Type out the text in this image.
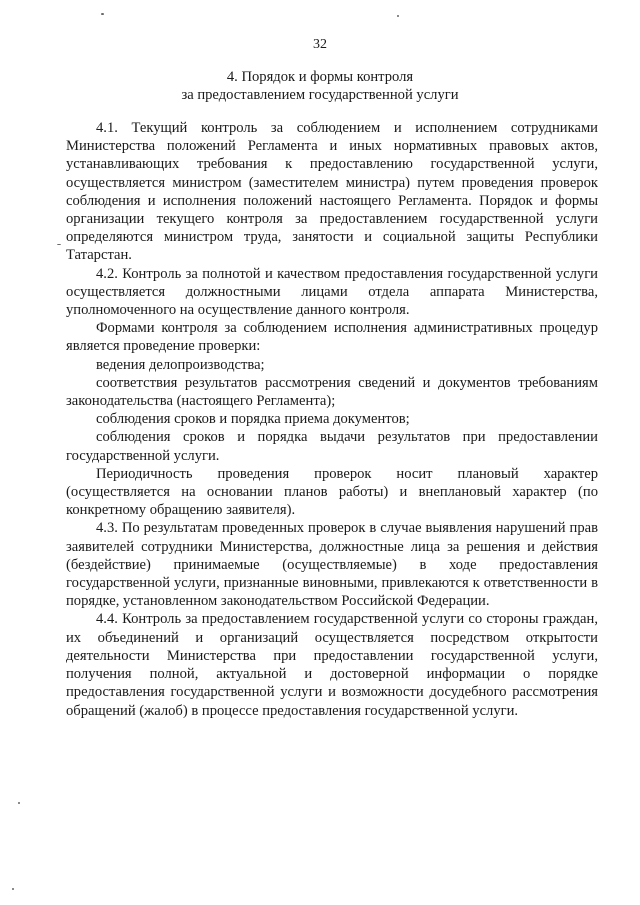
32
4. Порядок и формы контроля
за предоставлением государственной услуги

4.1. Текущий контроль за соблюдением и исполнением сотрудниками Министерства положений Регламента и иных нормативных правовых актов, устанавливающих требования к предоставлению государственной услуги, осуществляется министром (заместителем министра) путем проведения проверок соблюдения и исполнения положений настоящего Регламента. Порядок и формы организации текущего контроля за предоставлением государственной услуги определяются министром труда, занятости и социальной защиты Республики Татарстан.

4.2. Контроль за полнотой и качеством предоставления государственной услуги осуществляется должностными лицами отдела аппарата Министерства, уполномоченного на осуществление данного контроля.

Формами контроля за соблюдением исполнения административных процедур является проведение проверки:

ведения делопроизводства;

соответствия результатов рассмотрения сведений и документов требованиям законодательства (настоящего Регламента);

соблюдения сроков и порядка приема документов;

соблюдения сроков и порядка выдачи результатов при предоставлении государственной услуги.

Периодичность проведения проверок носит плановый характер (осуществляется на основании планов работы) и внеплановый характер (по конкретному обращению заявителя).

4.3. По результатам проведенных проверок в случае выявления нарушений прав заявителей сотрудники Министерства, должностные лица за решения и действия (бездействие) принимаемые (осуществляемые) в ходе предоставления государственной услуги, признанные виновными, привлекаются к ответственности в порядке, установленном законодательством Российской Федерации.

4.4. Контроль за предоставлением государственной услуги со стороны граждан, их объединений и организаций осуществляется посредством открытости деятельности Министерства при предоставлении государственной услуги, получения полной, актуальной и достоверной информации о порядке предоставления государственной услуги и возможности досудебного рассмотрения обращений (жалоб) в процессе предоставления государственной услуги.
